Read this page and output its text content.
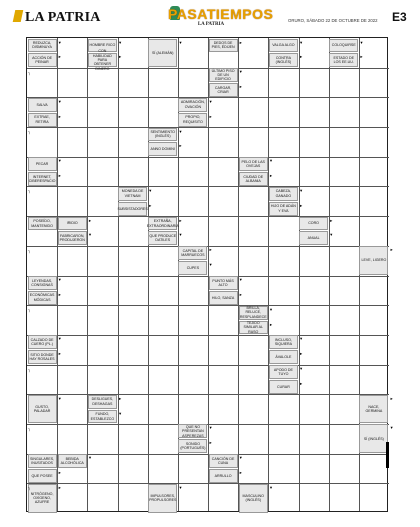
LA PATRIA	PASATIEMPOS
LA PATRIA
ORURO, SÁBADO 22 DE OCTUBRE DE 2022 E3
REDUZCA, DISMINUYA
▾
ACCIÓN DE PEINAR
▸
HOMBRE RICO
▾
HABILIDAD PARA OBTENER DINERO
▸
SÍ (ALEMÁN)
▾	DEDOS DE PIES, ÉDIJEN
▸
ÚLTIMO PISO DE UN EDIFICIO
▾
CARGAR, CRIAR
▸
VALGA ALGO
▾
CONTRA (INGLÉS)
▸
COLOQUIRSE
▾
ESTADO DE LOS EE.UU.
▸
SALVA
▾
EXTRAE, RETIRA
▸
ADMIRACIÓN, OVACIÓN
▾
PROPIO, REQUISITO
▸
SENTIMIENTO (INGLÉS)
▾
ANNO DOMINI
▸
PECAR
▾
INTERNET, CIBERESPACIO
▸
PELO DE LAS OVEJAS
▾
CIUDAD DE ALBANIA
▸
MONEDA DE VIETNAM
▾
SUBSISTADORES
▸
CABEZA, GANADO
▾
HIJO DE ADÁN Y EVA
▸
POSEÍDO, MANTENIDO
IRIDIO
▸
FABRICARON, PRODUJERON
▾
EXTRAÑA, EXTRAORDINARIA
▸
QUE PRODUCE DATILES
▾
CORO
▸
ANUAL
▾
CAPITAL DE MARRUECOS
▸
CUPES
▾
LEVE, LIGERO
▸
LEYENDAS, CONSIGNAS
▾
ECONÓMICAS MÓDICAS
▸
PUNTO MÁS ALTO
▾
HILO, SANZA
▸
BRILLA, RELUCE, RESPLANDECE
▾
TEJIDO SIMILAR AL RASO
▸
CALZADO DE CUERO (PL.)
▾
SITIO DONDE HAY ROSALES
▸
INCLUSO, SIQUIERA
▾
ÁVALOLE
▸
APODO DE TUYO
▾
CURAR
▸
GUSTO, PALADAR
▾	DESLIGUES, DESHAGAS
▸
FUNDO, ESTABLEZCO
▾
NACE, GERMINA
▸
QUE NO PRESENTAN ASPEREZAS
▾
SONIDO (PORTUGUÉS)
▸
SÍ (INGLÉS)
▾
SINGULARES, INUSITADOS
BEBIDA ALCOHÓLICA
▾
QUE POSEE
▸
CANCIÓN DE CUNA
▾
ARRULLO
▸
MASCULINO (INGLÉS)
▾
NITRÓGENO, OXÍGENO, AZUFRE
▸
IMPULSORES, PROPULSORES
▾
┐
┐
┐
┐
┐
┐
┐
┐
